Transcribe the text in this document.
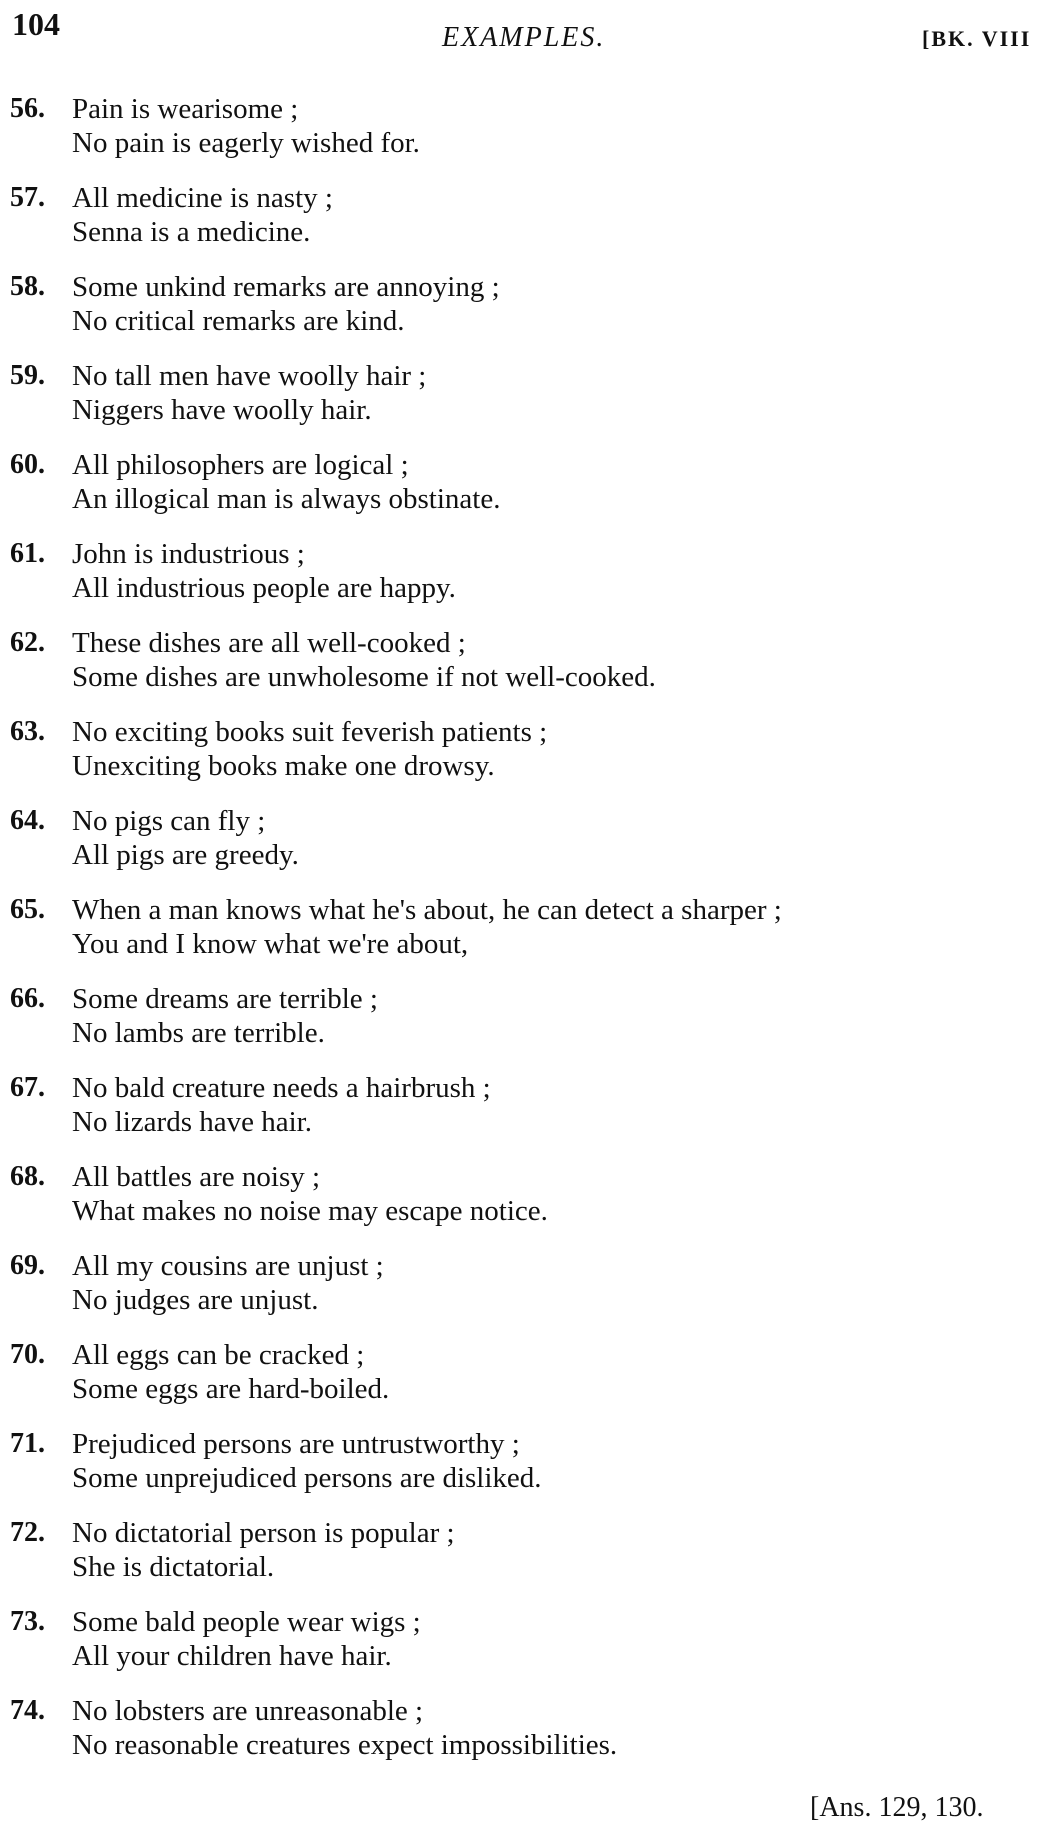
104	EXAMPLES.	[BK. VIII
56. Pain is wearisome ;
No pain is eagerly wished for.
57. All medicine is nasty ;
Senna is a medicine.
58. Some unkind remarks are annoying ;
No critical remarks are kind.
59. No tall men have woolly hair ;
Niggers have woolly hair.
60. All philosophers are logical ;
An illogical man is always obstinate.
61. John is industrious ;
All industrious people are happy.
62. These dishes are all well-cooked ;
Some dishes are unwholesome if not well-cooked.
63. No exciting books suit feverish patients ;
Unexciting books make one drowsy.
64. No pigs can fly ;
All pigs are greedy.
65. When a man knows what he's about, he can detect a sharper ;
You and I know what we're about,
66. Some dreams are terrible ;
No lambs are terrible.
67. No bald creature needs a hairbrush ;
No lizards have hair.
68. All battles are noisy ;
What makes no noise may escape notice.
69. All my cousins are unjust ;
No judges are unjust.
70. All eggs can be cracked ;
Some eggs are hard-boiled.
71. Prejudiced persons are untrustworthy ;
Some unprejudiced persons are disliked.
72. No dictatorial person is popular ;
She is dictatorial.
73. Some bald people wear wigs ;
All your children have hair.
74. No lobsters are unreasonable ;
No reasonable creatures expect impossibilities.
[Ans. 129, 130.
